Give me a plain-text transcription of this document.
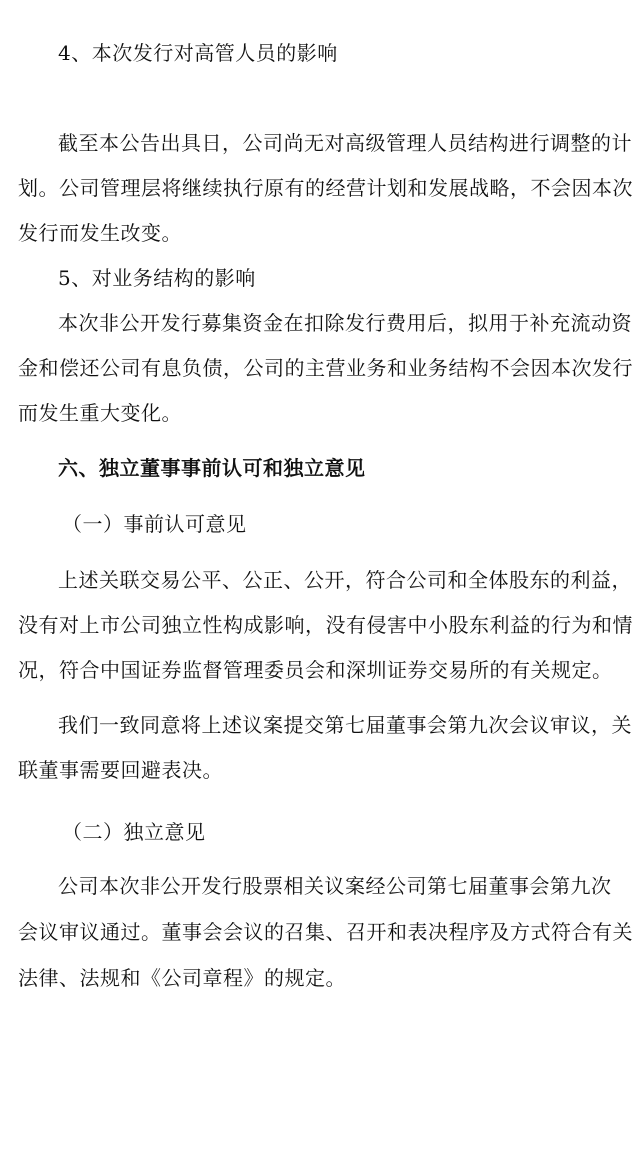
4、本次发行对高管人员的影响
截至本公告出具日，公司尚无对高级管理人员结构进行调整的计
划。公司管理层将继续执行原有的经营计划和发展战略，不会因本次
发行而发生改变。
5、对业务结构的影响
本次非公开发行募集资金在扣除发行费用后，拟用于补充流动资
金和偿还公司有息负债，公司的主营业务和业务结构不会因本次发行
而发生重大变化。
六、独立董事事前认可和独立意见
（一）事前认可意见
上述关联交易公平、公正、公开，符合公司和全体股东的利益，
没有对上市公司独立性构成影响，没有侵害中小股东利益的行为和情
况，符合中国证券监督管理委员会和深圳证券交易所的有关规定。
我们一致同意将上述议案提交第七届董事会第九次会议审议，关
联董事需要回避表决。
（二）独立意见
公司本次非公开发行股票相关议案经公司第七届董事会第九次
会议审议通过。董事会会议的召集、召开和表决程序及方式符合有关
法律、法规和《公司章程》的规定。
